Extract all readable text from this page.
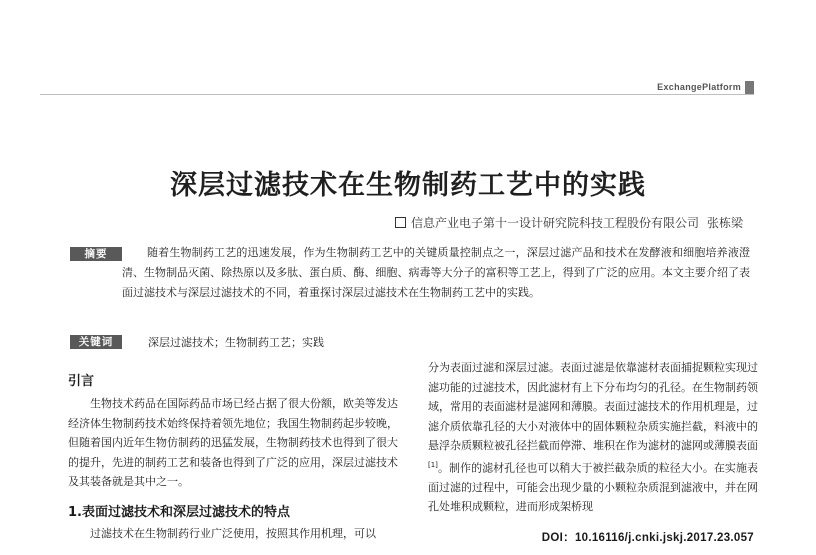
ExchangePlatform
深层过滤技术在生物制药工艺中的实践
信息产业电子第十一设计研究院科技工程股份有限公司 张栋梁
摘要	随着生物制药工艺的迅速发展，作为生物制药工艺中的关键质量控制点之一，深层过滤产品和技术在发酵液和细胞培养液澄清、生物制品灭菌、除热原以及多肽、蛋白质、酶、细胞、病毒等大分子的富积等工艺上，得到了广泛的应用。本文主要介绍了表面过滤技术与深层过滤技术的不同，着重探讨深层过滤技术在生物制药工艺中的实践。

关键词	深层过滤技术；生物制药工艺；实践
引言

生物技术药品在国际药品市场已经占据了很大份额，欧美等发达经济体生物制药技术始终保持着领先地位；我国生物制药起步较晚，但随着国内近年生物仿制药的迅猛发展，生物制药技术也得到了很大的提升，先进的制药工艺和装备也得到了广泛的应用，深层过滤技术及其装备就是其中之一。

1.表面过滤技术和深层过滤技术的特点

过滤技术在生物制药行业广泛使用，按照其作用机理，可以

分为表面过滤和深层过滤。表面过滤是依靠滤材表面捕捉颗粒实现过滤功能的过滤技术，因此滤材有上下分布均匀的孔径。在生物制药领域，常用的表面滤材是滤网和薄膜。表面过滤技术的作用机理是，过滤介质依靠孔径的大小对液体中的固体颗粒杂质实施拦截，料液中的悬浮杂质颗粒被孔径拦截而停滞、堆积在作为滤材的滤网或薄膜表面[1]。制作的滤材孔径也可以稍大于被拦截杂质的粒径大小。在实施表面过滤的过程中，可能会出现少量的小颗粒杂质混到滤液中，并在网孔处堆积成颗粒，进而形成架桥现

DOI：10.16116/j.cnki.jskj.2017.23.057
